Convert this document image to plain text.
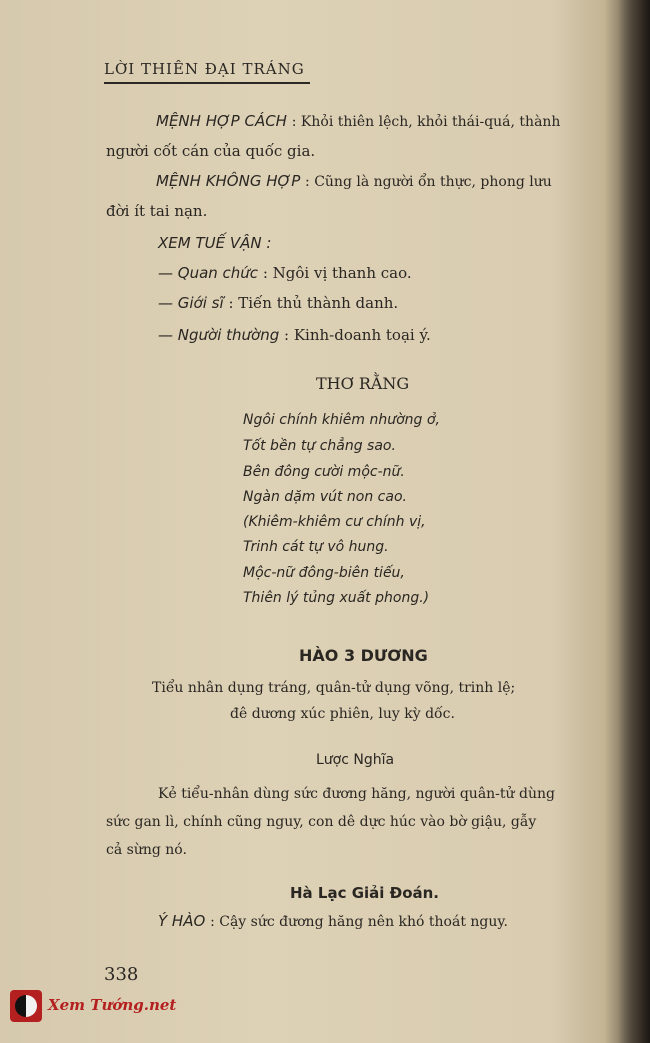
LỜI THIÊN ĐẠI TRÁNG
MỆNH HỢP CÁCH : Khỏi thiên lệch, khỏi thái-quá, thành
người cốt cán của quốc gia.
MỆNH KHÔNG HỢP : Cũng là người ổn thực, phong lưu
đời ít tai nạn.
XEM TUẾ VẬN :
— Quan chức : Ngôi vị thanh cao.
— Giới sĩ : Tiến thủ thành danh.
— Người thường : Kinh-doanh toại ý.
THƠ RẰNG
Ngôi chính khiêm nhường ở,
Tốt bền tự chẳng sao.
Bên đông cười mộc-nữ.
Ngàn dặm vút non cao.
(Khiêm-khiêm cư chính vị,
Trinh cát tự vô hung.
Mộc-nữ đông-biên tiếu,
Thiên lý tủng xuất phong.)
HÀO 3 DƯƠNG
Tiểu nhân dụng tráng, quân-tử dụng võng, trinh lệ;
đê dương xúc phiên, luy kỳ dốc.
Lược Nghĩa
Kẻ tiểu-nhân dùng sức đương hăng, người quân-tử dùng
sức gan lì, chính cũng nguy, con dê dực húc vào bờ giậu, gẫy
cả sừng nó.
Hà Lạc Giải Đoán.
Ý HÀO : Cậy sức đương hăng nên khó thoát nguy.
338
Xem Tướng.net
